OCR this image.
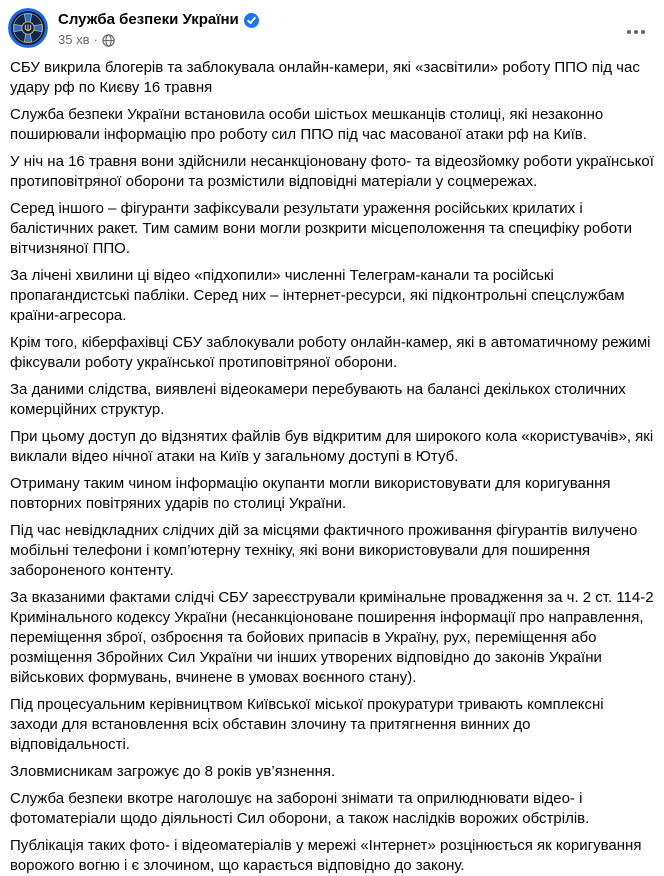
Служба безпеки України
35 хв ·

СБУ викрила блогерів та заблокувала онлайн-камери, які «засвітили» роботу ППО під час удару рф по Києву 16 травня

Служба безпеки України встановила особи шістьох мешканців столиці, які незаконно поширювали інформацію про роботу сил ППО під час масованої атаки рф на Київ.

У ніч на 16 травня вони здійснили несанкціоновану фото- та відеозйомку роботи української протиповітряної оборони та розмістили відповідні матеріали у соцмережах.

Серед іншого – фігуранти зафіксували результати ураження російських крилатих і балістичних ракет. Тим самим вони могли розкрити місцеположення та специфіку роботи вітчизняної ППО.

За лічені хвилини ці відео «підхопили» численні Телеграм-канали та російські пропагандистські пабліки. Серед них – інтернет-ресурси, які підконтрольні спецслужбам країни-агресора.

Крім того, кіберфахівці СБУ заблокували роботу онлайн-камер, які в автоматичному режимі фіксували роботу української протиповітряної оборони.

За даними слідства, виявлені відеокамери перебувають на балансі декількох столичних комерційних структур.

При цьому доступ до відзнятих файлів був відкритим для широкого кола «користувачів», які виклали відео нічної атаки на Київ у загальному доступі в Ютуб.

Отриману таким чином інформацію окупанти могли використовувати для коригування повторних повітряних ударів по столиці України.

Під час невідкладних слідчих дій за місцями фактичного проживання фігурантів вилучено мобільні телефони і комп’ютерну техніку, які вони використовували для поширення забороненого контенту.

За вказаними фактами слідчі СБУ зареєстрували кримінальне провадження за ч. 2 ст. 114-2 Кримінального кодексу України (несанкціоноване поширення інформації про направлення, переміщення зброї, озброєння та бойових припасів в Україну, рух, переміщення або розміщення Збройних Сил України чи інших утворених відповідно до законів України військових формувань, вчинене в умовах воєнного стану).

Під процесуальним керівництвом Київської міської прокуратури тривають комплексні заходи для встановлення всіх обставин злочину та притягнення винних до відповідальності.

Зловмисникам загрожує до 8 років ув’язнення.

Служба безпеки вкотре наголошує на забороні знімати та оприлюднювати відео- і фотоматеріали щодо діяльності Сил оборони, а також наслідків ворожих обстрілів.

Публікація таких фото- і відеоматеріалів у мережі «Інтернет» розцінюється як коригування ворожого вогню і є злочином, що карається відповідно до закону.
